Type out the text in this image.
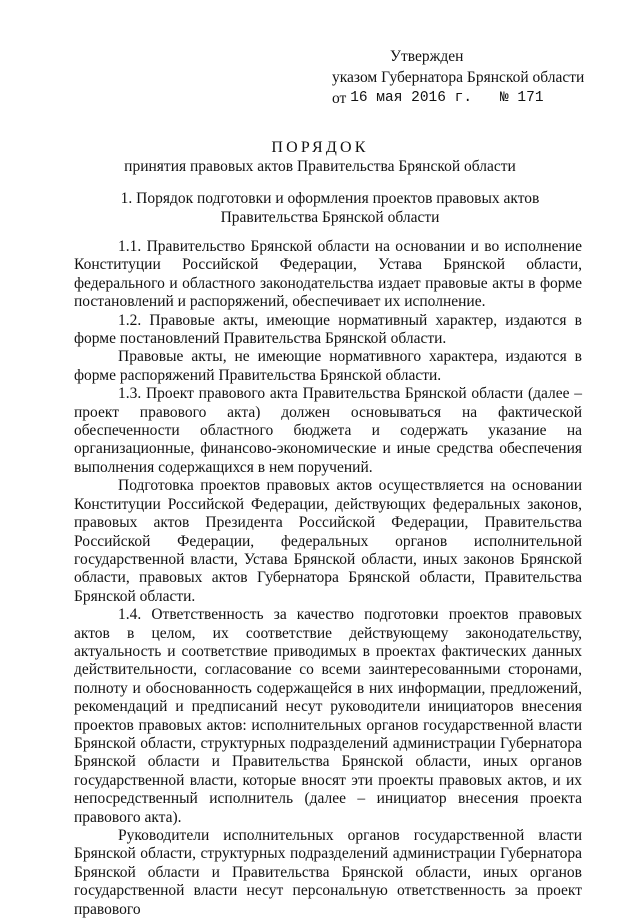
Утвержден
указом Губернатора Брянской области
от
16 мая 2016 г. № 171
ПОРЯДОК
принятия правовых актов Правительства Брянской области
1. Порядок подготовки и оформления проектов правовых актов
Правительства Брянской области

1.1. Правительство Брянской области на основании и во исполнение Конституции Российской Федерации, Устава Брянской области, федерального и областного законодательства издает правовые акты в форме постановлений и распоряжений, обеспечивает их исполнение.

1.2. Правовые акты, имеющие нормативный характер, издаются в форме постановлений Правительства Брянской области.

Правовые акты, не имеющие нормативного характера, издаются в форме распоряжений Правительства Брянской области.

1.3. Проект правового акта Правительства Брянской области (далее – проект правового акта) должен основываться на фактической обеспеченности областного бюджета и содержать указание на организационные, финансово-экономические и иные средства обеспечения выполнения содержащихся в нем поручений.

Подготовка проектов правовых актов осуществляется на основании Конституции Российской Федерации, действующих федеральных законов, правовых актов Президента Российской Федерации, Правительства Российской Федерации, федеральных органов исполнительной государственной власти, Устава Брянской области, иных законов Брянской области, правовых актов Губернатора Брянской области, Правительства Брянской области.

1.4. Ответственность за качество подготовки проектов правовых актов в целом, их соответствие действующему законодательству, актуальность и соответствие приводимых в проектах фактических данных действительности, согласование со всеми заинтересованными сторонами, полноту и обоснованность содержащейся в них информации, предложений, рекомендаций и предписаний несут руководители инициаторов внесения проектов правовых актов: исполнительных органов государственной власти Брянской области, структурных подразделений администрации Губернатора Брянской области и Правительства Брянской области, иных органов государственной власти, которые вносят эти проекты правовых актов, и их непосредственный исполнитель (далее – инициатор внесения проекта правового акта).

Руководители исполнительных органов государственной власти Брянской области, структурных подразделений администрации Губернатора Брянской области и Правительства Брянской области, иных органов государственной власти несут персональную ответственность за проект правового
